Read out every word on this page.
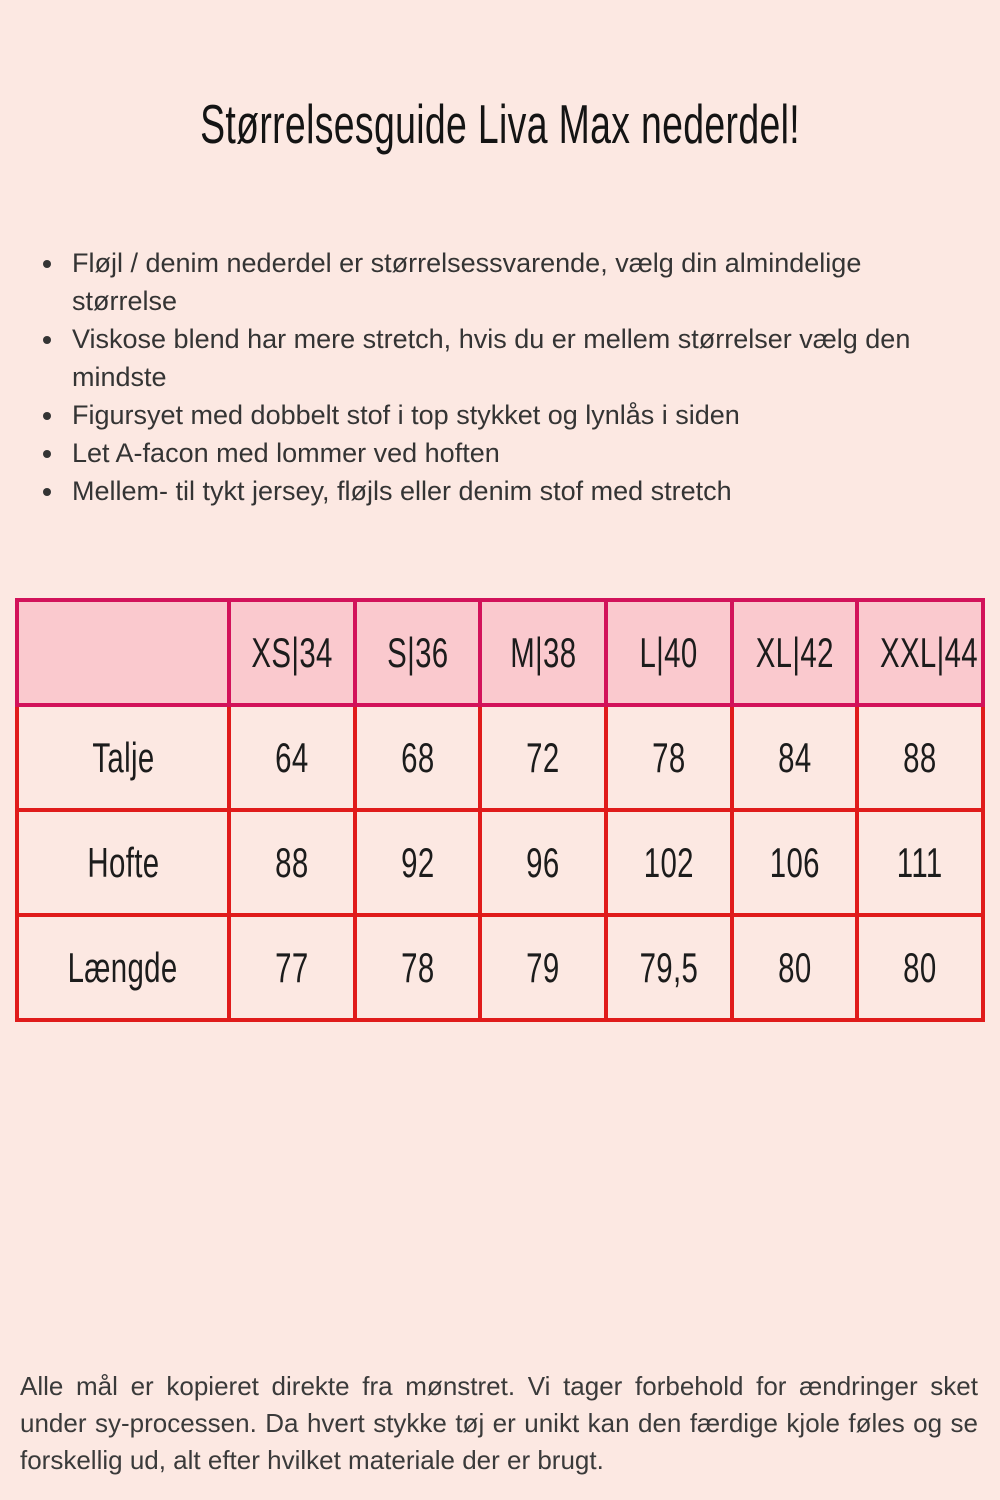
Størrelsesguide Liva Max nederdel!
• Fløjl / denim nederdel er størrelsessvarende, vælg din almindelige størrelse
• Viskose blend har mere stretch, hvis du er mellem størrelser vælg den mindste
• Figursyet med dobbelt stof i top stykket og lynlås i siden
• Let A-facon med lommer ved hoften
• Mellem- til tykt jersey, fløjls eller denim stof med stretch
	XS|34	S|36	M|38	L|40	XL|42	XXL|44
Talje	64	68	72	78	84	88
Hofte	88	92	96	102	106	111
Længde	77	78	79	79,5	80	80

Alle mål er kopieret direkte fra mønstret. Vi tager forbehold for ændringer sket under sy-processen. Da hvert stykke tøj er unikt kan den færdige kjole føles og se forskellig ud, alt efter hvilket materiale der er brugt.
